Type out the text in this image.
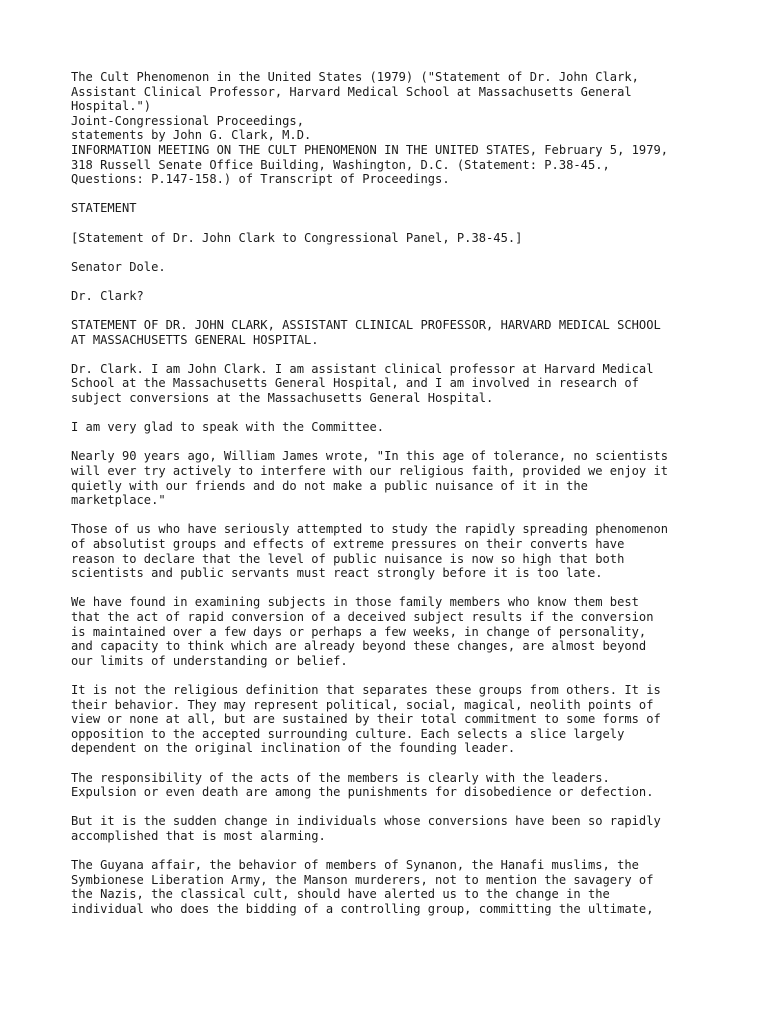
The Cult Phenomenon in the United States (1979) ("Statement of Dr. John Clark,
Assistant Clinical Professor, Harvard Medical School at Massachusetts General
Hospital.")
Joint-Congressional Proceedings,
statements by John G. Clark, M.D.
INFORMATION MEETING ON THE CULT PHENOMENON IN THE UNITED STATES, February 5, 1979,
318 Russell Senate Office Building, Washington, D.C. (Statement: P.38-45.,
Questions: P.147-158.) of Transcript of Proceedings.
STATEMENT
[Statement of Dr. John Clark to Congressional Panel, P.38-45.]
Senator Dole.
Dr. Clark?
STATEMENT OF DR. JOHN CLARK, ASSISTANT CLINICAL PROFESSOR, HARVARD MEDICAL SCHOOL
AT MASSACHUSETTS GENERAL HOSPITAL.
Dr. Clark. I am John Clark. I am assistant clinical professor at Harvard Medical
School at the Massachusetts General Hospital, and I am involved in research of
subject conversions at the Massachusetts General Hospital.
I am very glad to speak with the Committee.
Nearly 90 years ago, William James wrote, "In this age of tolerance, no scientists
will ever try actively to interfere with our religious faith, provided we enjoy it
quietly with our friends and do not make a public nuisance of it in the
marketplace."
Those of us who have seriously attempted to study the rapidly spreading phenomenon
of absolutist groups and effects of extreme pressures on their converts have
reason to declare that the level of public nuisance is now so high that both
scientists and public servants must react strongly before it is too late.
We have found in examining subjects in those family members who know them best
that the act of rapid conversion of a deceived subject results if the conversion
is maintained over a few days or perhaps a few weeks, in change of personality,
and capacity to think which are already beyond these changes, are almost beyond
our limits of understanding or belief.
It is not the religious definition that separates these groups from others. It is
their behavior. They may represent political, social, magical, neolith points of
view or none at all, but are sustained by their total commitment to some forms of
opposition to the accepted surrounding culture. Each selects a slice largely
dependent on the original inclination of the founding leader.
The responsibility of the acts of the members is clearly with the leaders.
Expulsion or even death are among the punishments for disobedience or defection.
But it is the sudden change in individuals whose conversions have been so rapidly
accomplished that is most alarming.
The Guyana affair, the behavior of members of Synanon, the Hanafi muslims, the
Symbionese Liberation Army, the Manson murderers, not to mention the savagery of
the Nazis, the classical cult, should have alerted us to the change in the
individual who does the bidding of a controlling group, committing the ultimate,
